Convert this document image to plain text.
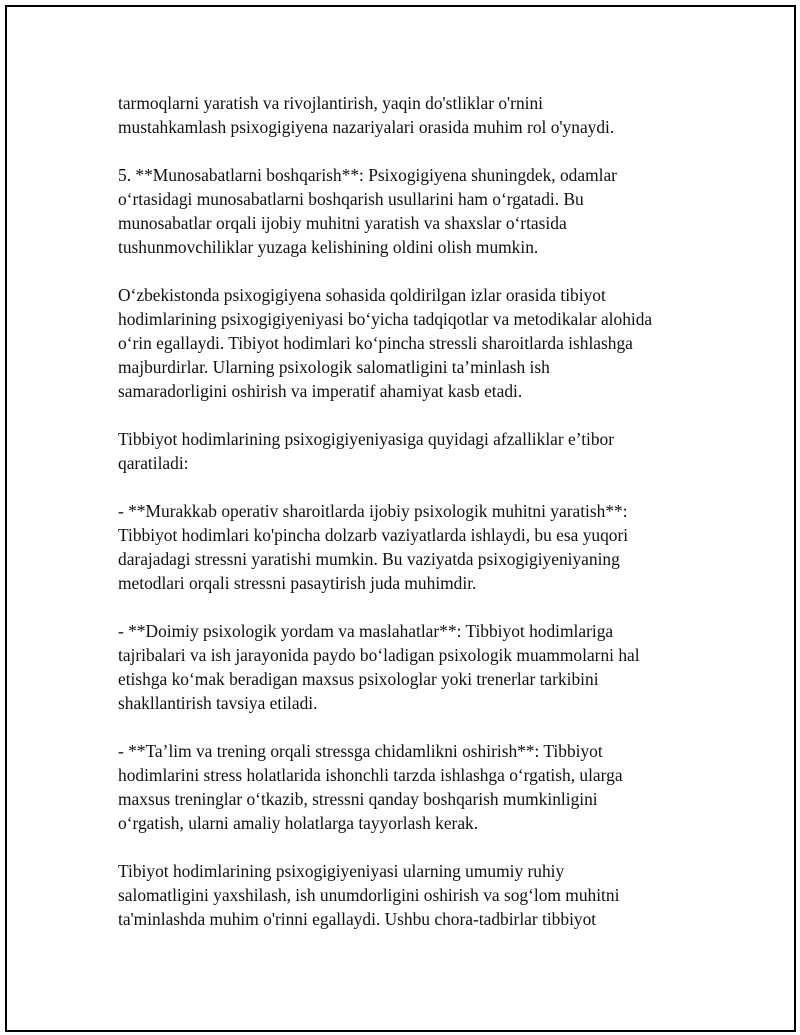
tarmoqlarni yaratish va rivojlantirish, yaqin do'stliklar o'rnini
mustahkamlash psixogigiyena nazariyalari orasida muhim rol o'ynaydi.

5. **Munosabatlarni boshqarish**: Psixogigiyena shuningdek, odamlar
o‘rtasidagi munosabatlarni boshqarish usullarini ham o‘rgatadi. Bu
munosabatlar orqali ijobiy muhitni yaratish va shaxslar o‘rtasida
tushunmovchiliklar yuzaga kelishining oldini olish mumkin.

O‘zbekistonda psixogigiyena sohasida qoldirilgan izlar orasida tibiyot
hodimlarining psixogigiyeniyasi bo‘yicha tadqiqotlar va metodikalar alohida
o‘rin egallaydi. Tibiyot hodimlari ko‘pincha stressli sharoitlarda ishlashga
majburdirlar. Ularning psixologik salomatligini ta’minlash ish
samaradorligini oshirish va imperatif ahamiyat kasb etadi.

Tibbiyot hodimlarining psixogigiyeniyasiga quyidagi afzalliklar e’tibor
qaratiladi:

- **Murakkab operativ sharoitlarda ijobiy psixologik muhitni yaratish**:
Tibbiyot hodimlari ko'pincha dolzarb vaziyatlarda ishlaydi, bu esa yuqori
darajadagi stressni yaratishi mumkin. Bu vaziyatda psixogigiyeniyaning
metodlari orqali stressni pasaytirish juda muhimdir.

- **Doimiy psixologik yordam va maslahatlar**: Tibbiyot hodimlariga
tajribalari va ish jarayonida paydo bo‘ladigan psixologik muammolarni hal
etishga ko‘mak beradigan maxsus psixologlar yoki trenerlar tarkibini
shakllantirish tavsiya etiladi.

- **Ta’lim va trening orqali stressga chidamlikni oshirish**: Tibbiyot
hodimlarini stress holatlarida ishonchli tarzda ishlashga o‘rgatish, ularga
maxsus treninglar o‘tkazib, stressni qanday boshqarish mumkinligini
o‘rgatish, ularni amaliy holatlarga tayyorlash kerak.

Tibiyot hodimlarining psixogigiyeniyasi ularning umumiy ruhiy
salomatligini yaxshilash, ish unumdorligini oshirish va sog‘lom muhitni
ta'minlashda muhim o'rinni egallaydi. Ushbu chora-tadbirlar tibbiyot
